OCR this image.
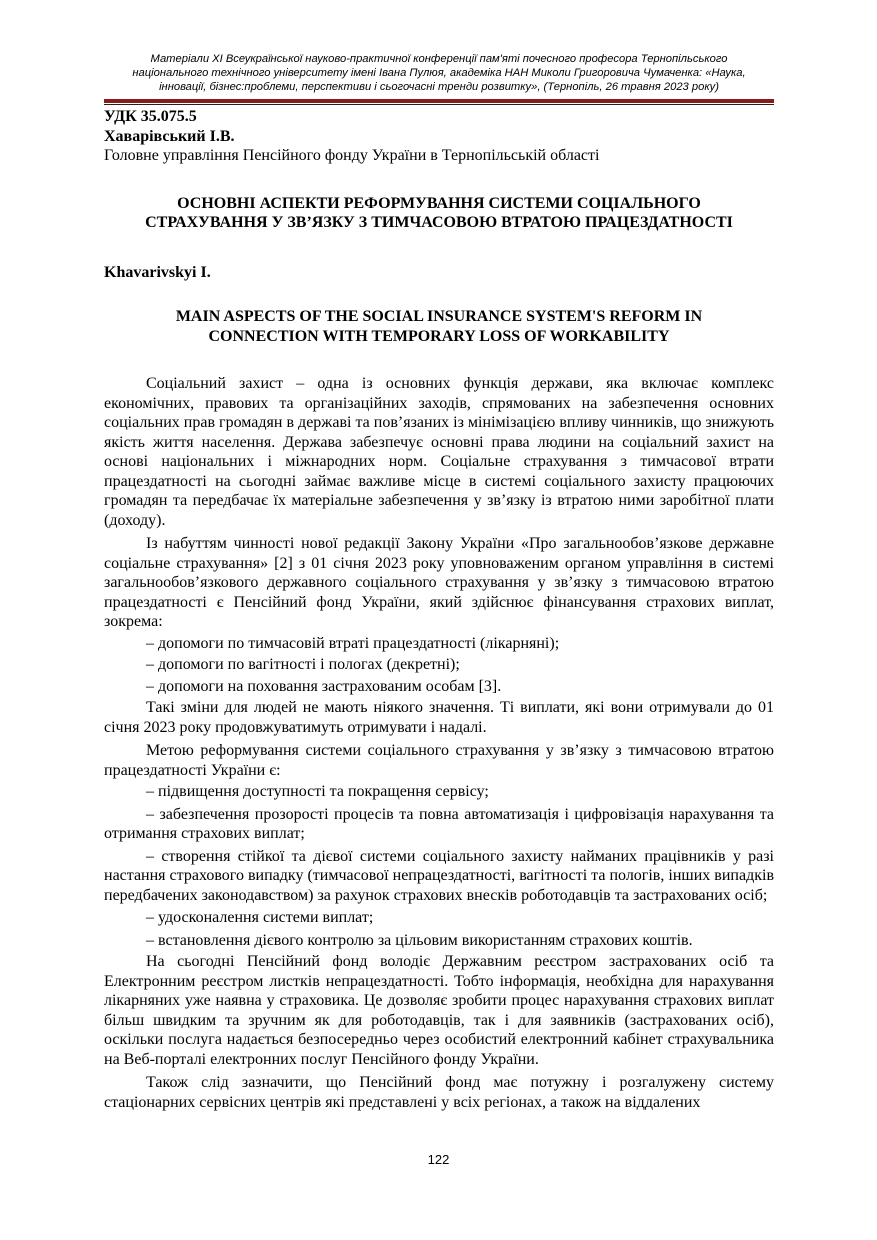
Матеріали XI Всеукраїнської науково-практичної конференції пам'яті почесного професора Тернопільського
національного технічного університету імені Івана Пулюя, академіка НАН Миколи Григоровича Чумаченка: «Наука,
інновації, бізнес:проблеми, перспективи і сьогочасні тренди розвитку», (Тернопіль, 26 травня 2023 року)

УДК 35.075.5

Хаварівський І.В.

Головне управління Пенсійного фонду України в Тернопільській області

ОСНОВНІ АСПЕКТИ РЕФОРМУВАННЯ СИСТЕМИ СОЦІАЛЬНОГО СТРАХУВАННЯ У ЗВ’ЯЗКУ З ТИМЧАСОВОЮ ВТРАТОЮ ПРАЦЕЗДАТНОСТІ

Khavarivskyi I.

MAIN ASPECTS OF THE SOCIAL INSURANCE SYSTEM'S REFORM IN
CONNECTION WITH TEMPORARY LOSS OF WORKABILITY

Соціальний захист – одна із основних функція держави, яка включає комплекс економічних, правових та організаційних заходів, спрямованих на забезпечення основних соціальних прав громадян в державі та пов’язаних із мінімізацією впливу чинників, що знижують якість життя населення. Держава забезпечує основні права людини на соціальний захист на основі національних і міжнародних норм. Соціальне страхування з тимчасової втрати працездатності на сьогодні займає важливе місце в системі соціального захисту працюючих громадян та передбачає їх матеріальне забезпечення у зв’язку із втратою ними заробітної плати (доходу).

Із набуттям чинності нової редакції Закону України «Про загальнообов’язкове державне соціальне страхування» [2] з 01 січня 2023 року уповноваженим органом управління в системі загальнообов’язкового державного соціального страхування у зв’язку з тимчасовою втратою працездатності є Пенсійний фонд України, який здійснює фінансування страхових виплат, зокрема:

– допомоги по тимчасовій втраті працездатності (лікарняні);

– допомоги по вагітності і пологах (декретні);

– допомоги на поховання застрахованим особам [3].

Такі зміни для людей не мають ніякого значення. Ті виплати, які вони отримували до 01 січня 2023 року продовжуватимуть отримувати і надалі.

Метою реформування системи соціального страхування у зв’язку з тимчасовою втратою працездатності України є:

– підвищення доступності та покращення сервісу;

– забезпечення прозорості процесів та повна автоматизація і цифровізація нарахування та отримання страхових виплат;

– створення стійкої та дієвої системи соціального захисту найманих працівників у разі настання страхового випадку (тимчасової непрацездатності, вагітності та пологів, інших випадків передбачених законодавством) за рахунок страхових внесків роботодавців та застрахованих осіб;

– удосконалення системи виплат;

– встановлення дієвого контролю за цільовим використанням страхових коштів.

На сьогодні Пенсійний фонд володіє Державним реєстром застрахованих осіб та Електронним реєстром листків непрацездатності. Тобто інформація, необхідна для нарахування лікарняних уже наявна у страховика. Це дозволяє зробити процес нарахування страхових виплат більш швидким та зручним як для роботодавців, так і для заявників (застрахованих осіб), оскільки послуга надається безпосередньо через особистий електронний кабінет страхувальника на Веб-порталі електронних послуг Пенсійного фонду України.

Також слід зазначити, що Пенсійний фонд має потужну і розгалужену систему стаціонарних сервісних центрів які представлені у всіх регіонах, а також на віддалених

122
